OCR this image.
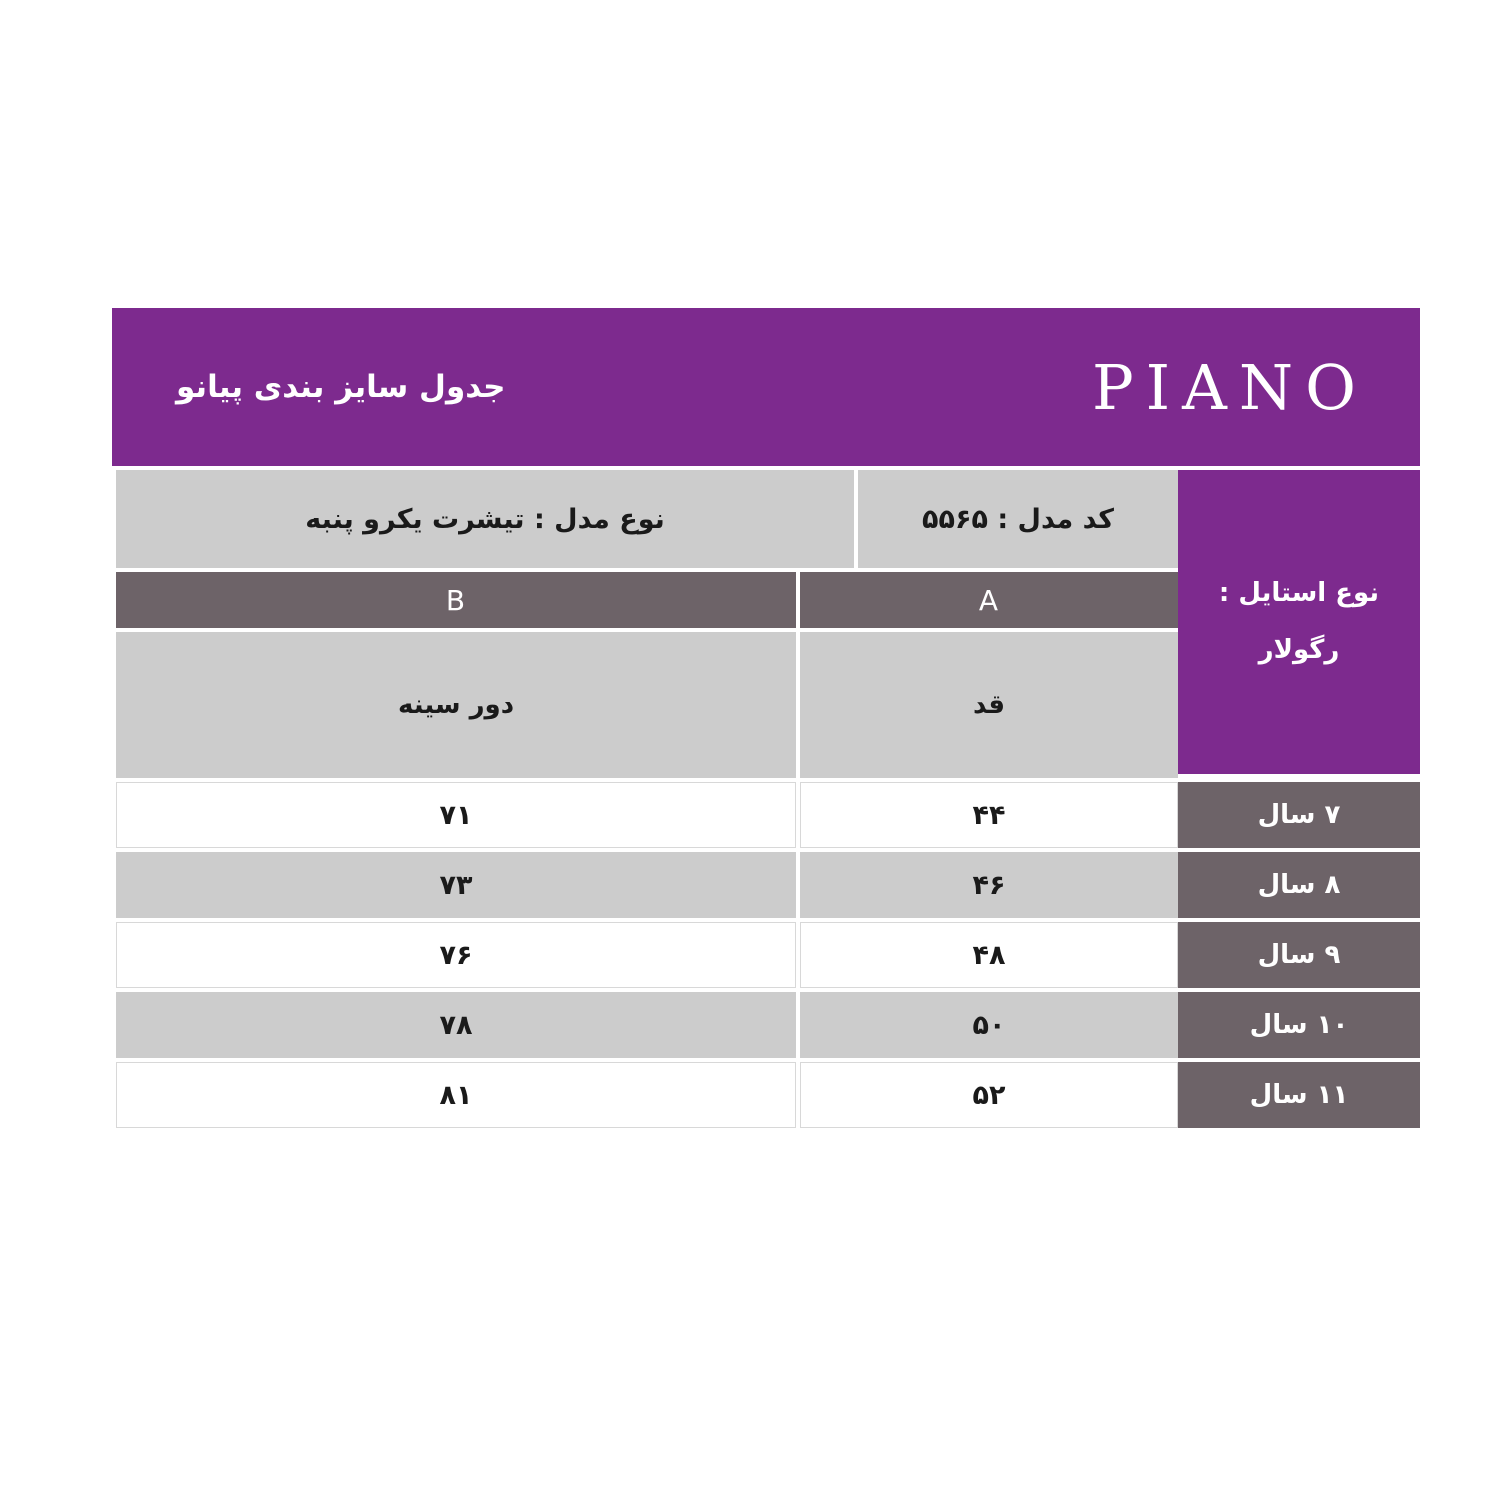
PIANO
جدول سایز بندی پیانو
نوع استایل :
رگولار
کد مدل : ۵۵۶۵
نوع مدل : تیشرت یکرو پنبه
A
B
قد
دور سینه
۷ سال
۴۴
۷۱
۸ سال
۴۶
۷۳
۹ سال
۴۸
۷۶
۱۰ سال
۵۰
۷۸
۱۱ سال
۵۲
۸۱
